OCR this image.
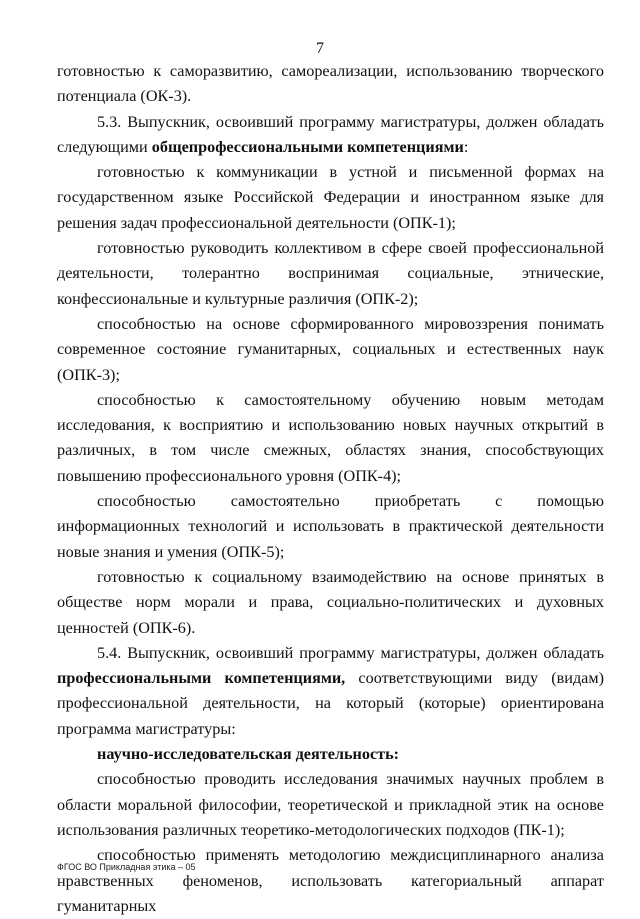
7

готовностью к саморазвитию, самореализации, использованию творческого потенциала (ОК-3).

5.3. Выпускник, освоивший программу магистратуры, должен обладать следующими общепрофессиональными компетенциями:

готовностью к коммуникации в устной и письменной формах на государственном языке Российской Федерации и иностранном языке для решения задач профессиональной деятельности (ОПК-1);

готовностью руководить коллективом в сфере своей профессиональной деятельности, толерантно воспринимая социальные, этнические, конфессиональные и культурные различия (ОПК-2);

способностью на основе сформированного мировоззрения понимать современное состояние гуманитарных, социальных и естественных наук (ОПК-3);

способностью к самостоятельному обучению новым методам исследования, к восприятию и использованию новых научных открытий в различных, в том числе смежных, областях знания, способствующих повышению профессионального уровня (ОПК-4);

способностью самостоятельно приобретать с помощью информационных технологий и использовать в практической деятельности новые знания и умения (ОПК-5);

готовностью к социальному взаимодействию на основе принятых в обществе норм морали и права, социально-политических и духовных ценностей (ОПК-6).

5.4. Выпускник, освоивший программу магистратуры, должен обладать профессиональными компетенциями, соответствующими виду (видам) профессиональной деятельности, на который (которые) ориентирована программа магистратуры:

научно-исследовательская деятельность:

способностью проводить исследования значимых научных проблем в области моральной философии, теоретической и прикладной этик на основе использования различных теоретико-методологических подходов (ПК-1);

способностью применять методологию междисциплинарного анализа нравственных феноменов, использовать категориальный аппарат гуманитарных

ФГОС ВО Прикладная этика – 05
